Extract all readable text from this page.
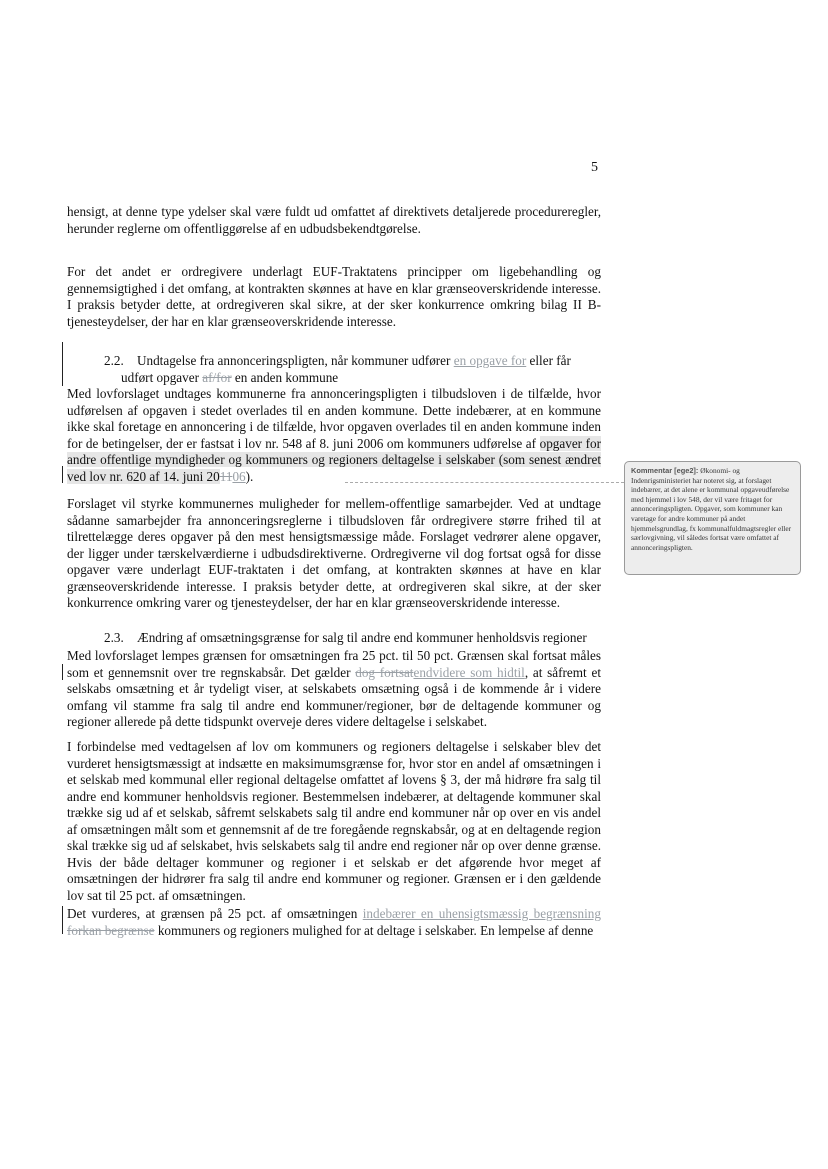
5

hensigt, at denne type ydelser skal være fuldt ud omfattet af direktivets detaljerede procedureregler, herunder reglerne om offentliggørelse af en udbudsbekendtgørelse.

For det andet er ordregivere underlagt EUF-Traktatens principper om ligebehandling og gennemsigtighed i det omfang, at kontrakten skønnes at have en klar grænseoverskridende interesse. I praksis betyder dette, at ordregiveren skal sikre, at der sker konkurrence omkring bilag II B-tjenesteydelser, der har en klar grænseoverskridende interesse.

2.2. Undtagelse fra annonceringspligten, når kommuner udfører en opgave for eller får
udført opgaver af/for en anden kommune

Med lovforslaget undtages kommunerne fra annonceringspligten i tilbudsloven i de tilfælde, hvor udførelsen af opgaven i stedet overlades til en anden kommune. Dette indebærer, at en kommune ikke skal foretage en annoncering i de tilfælde, hvor opgaven overlades til en anden kommune inden for de betingelser, der er fastsat i lov nr. 548 af 8. juni 2006 om kommuners udførelse af opgaver for andre offentlige myndigheder og kommuners og regioners deltagelse i selskaber (som senest ændret ved lov nr. 620 af 14. juni 201106).

Forslaget vil styrke kommunernes muligheder for mellem-offentlige samarbejder. Ved at undtage sådanne samarbejder fra annonceringsreglerne i tilbudsloven får ordregivere større frihed til at tilrettelægge deres opgaver på den mest hensigtsmæssige måde. Forslaget vedrører alene opgaver, der ligger under tærskelværdierne i udbudsdirektiverne. Ordregiverne vil dog fortsat også for disse opgaver være underlagt EUF-traktaten i det omfang, at kontrakten skønnes at have en klar grænseoverskridende interesse. I praksis betyder dette, at ordregiveren skal sikre, at der sker konkurrence omkring varer og tjenesteydelser, der har en klar grænseoverskridende interesse.

Kommentar [ege2]: Økonomi- og Indenrigsministeriet har noteret sig, at forslaget indebærer, at det alene er kommunal opgaveudførelse med hjemmel i lov 548, der vil være fritaget for annonceringspligten. Opgaver, som kommuner kan varetage for andre kommuner på andet hjemmelsgrundlag, fx kommunalfuldmagtsregler eller særlovgivning, vil således fortsat være omfattet af annonceringspligten.
2.3. Ændring af omsætningsgrænse for salg til andre end kommuner henholdsvis regioner

Med lovforslaget lempes grænsen for omsætningen fra 25 pct. til 50 pct. Grænsen skal fortsat måles som et gennemsnit over tre regnskabsår. Det gælder dog fortsatendvidere som hidtil, at såfremt et selskabs omsætning et år tydeligt viser, at selskabets omsætning også i de kommende år i videre omfang vil stamme fra salg til andre end kommuner/regioner, bør de deltagende kommuner og regioner allerede på dette tidspunkt overveje deres videre deltagelse i selskabet.

I forbindelse med vedtagelsen af lov om kommuners og regioners deltagelse i selskaber blev det vurderet hensigtsmæssigt at indsætte en maksimumsgrænse for, hvor stor en andel af omsætningen i et selskab med kommunal eller regional deltagelse omfattet af lovens § 3, der må hidrøre fra salg til andre end kommuner henholdsvis regioner. Bestemmelsen indebærer, at deltagende kommuner skal trække sig ud af et selskab, såfremt selskabets salg til andre end kommuner når op over en vis andel af omsætningen målt som et gennemsnit af de tre foregående regnskabsår, og at en deltagende region skal trække sig ud af selskabet, hvis selskabets salg til andre end regioner når op over denne grænse. Hvis der både deltager kommuner og regioner i et selskab er det afgørende hvor meget af omsætningen der hidrører fra salg til andre end kommuner og regioner. Grænsen er i den gældende lov sat til 25 pct. af omsætningen.

Det vurderes, at grænsen på 25 pct. af omsætningen indebærer en uhensigtsmæssig begrænsning forkan begrænse kommuners og regioners mulighed for at deltage i selskaber. En lempelse af denne
